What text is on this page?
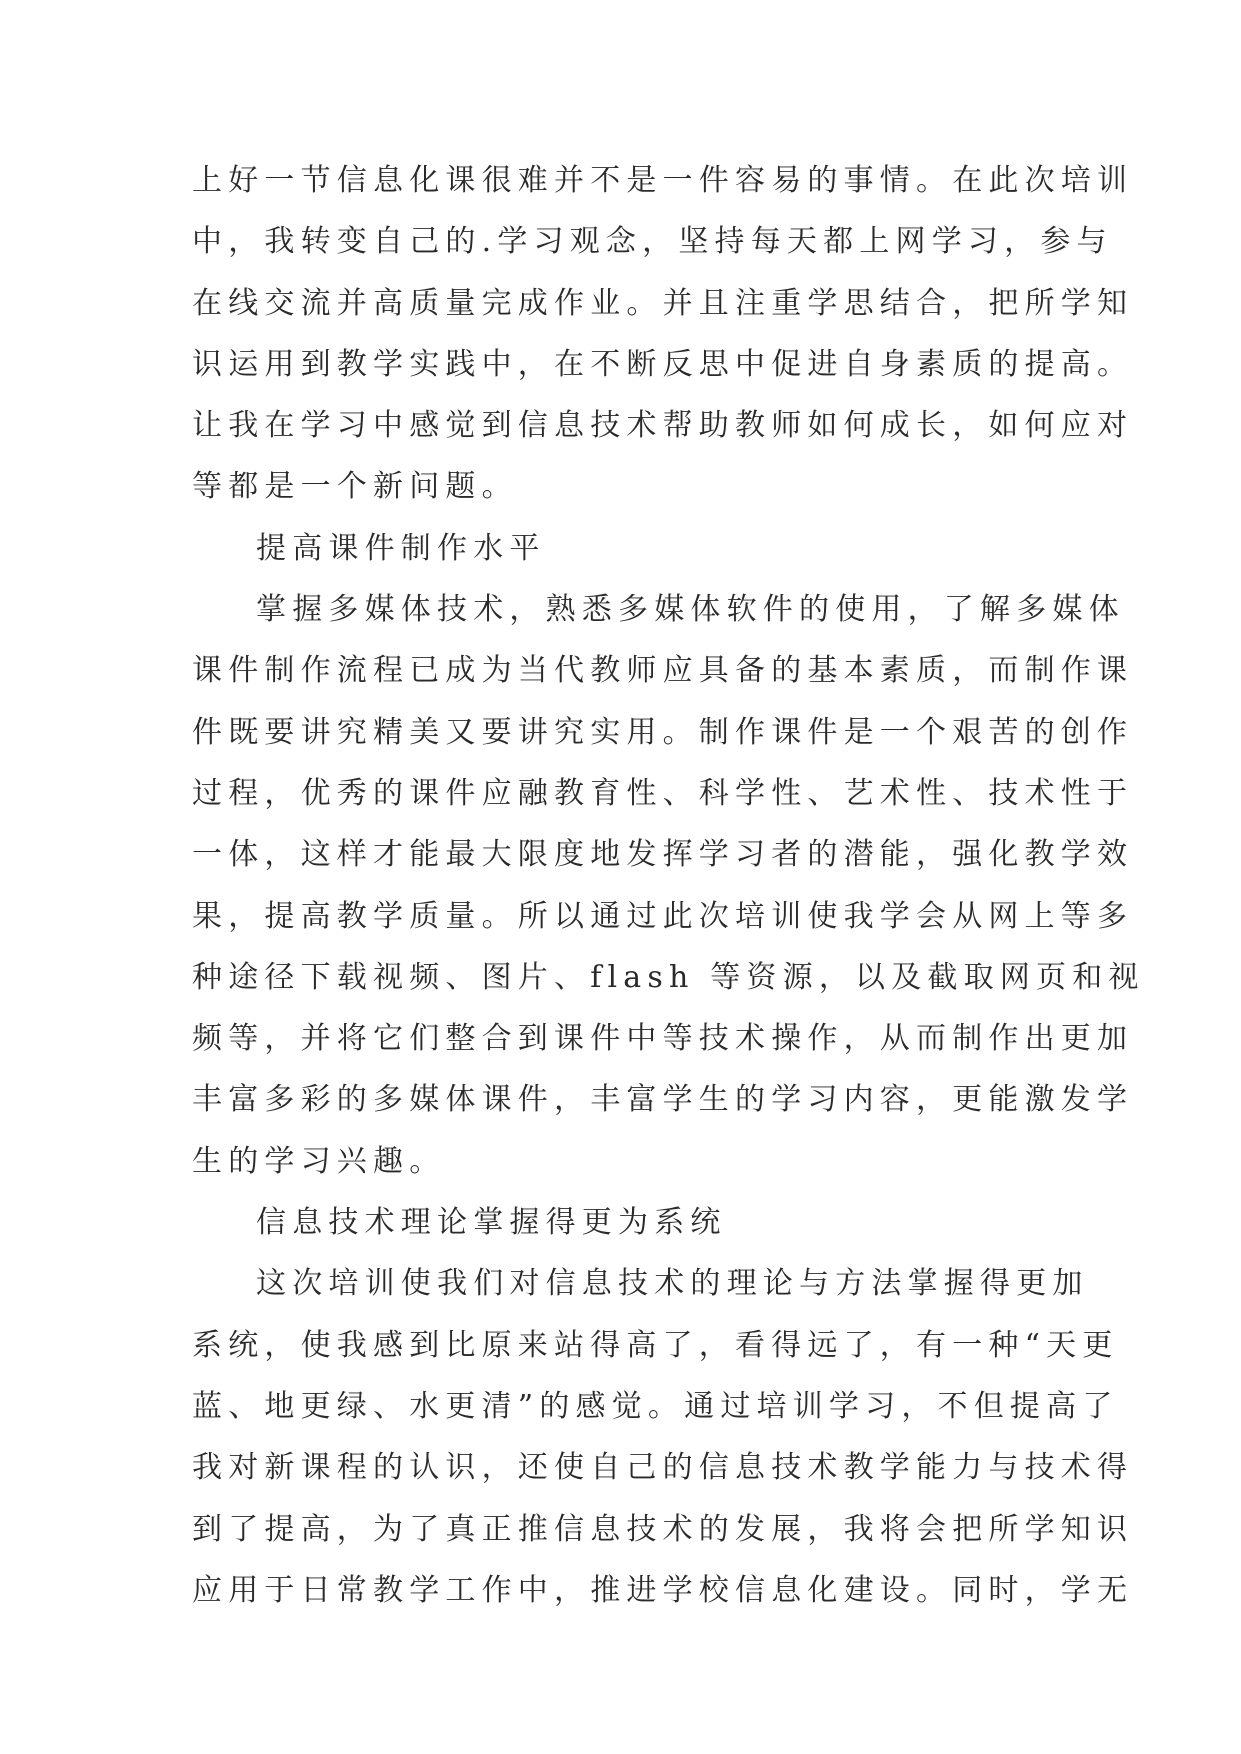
上好一节信息化课很难并不是一件容易的事情。在此次培训
中，我转变自己的.学习观念，坚持每天都上网学习，参与
在线交流并高质量完成作业。并且注重学思结合，把所学知
识运用到教学实践中，在不断反思中促进自身素质的提高。
让我在学习中感觉到信息技术帮助教师如何成长，如何应对
等都是一个新问题。
提高课件制作水平
掌握多媒体技术，熟悉多媒体软件的使用，了解多媒体
课件制作流程已成为当代教师应具备的基本素质，而制作课
件既要讲究精美又要讲究实用。制作课件是一个艰苦的创作
过程，优秀的课件应融教育性、科学性、艺术性、技术性于
一体，这样才能最大限度地发挥学习者的潜能，强化教学效
果，提高教学质量。所以通过此次培训使我学会从网上等多
种途径下载视频、图片、flash 等资源，以及截取网页和视
频等，并将它们整合到课件中等技术操作，从而制作出更加
丰富多彩的多媒体课件，丰富学生的学习内容，更能激发学
生的学习兴趣。
信息技术理论掌握得更为系统
这次培训使我们对信息技术的理论与方法掌握得更加
系统，使我感到比原来站得高了，看得远了，有一种“天更
蓝、地更绿、水更清”的感觉。通过培训学习，不但提高了
我对新课程的认识，还使自己的信息技术教学能力与技术得
到了提高，为了真正推信息技术的发展，我将会把所学知识
应用于日常教学工作中，推进学校信息化建设。同时，学无
